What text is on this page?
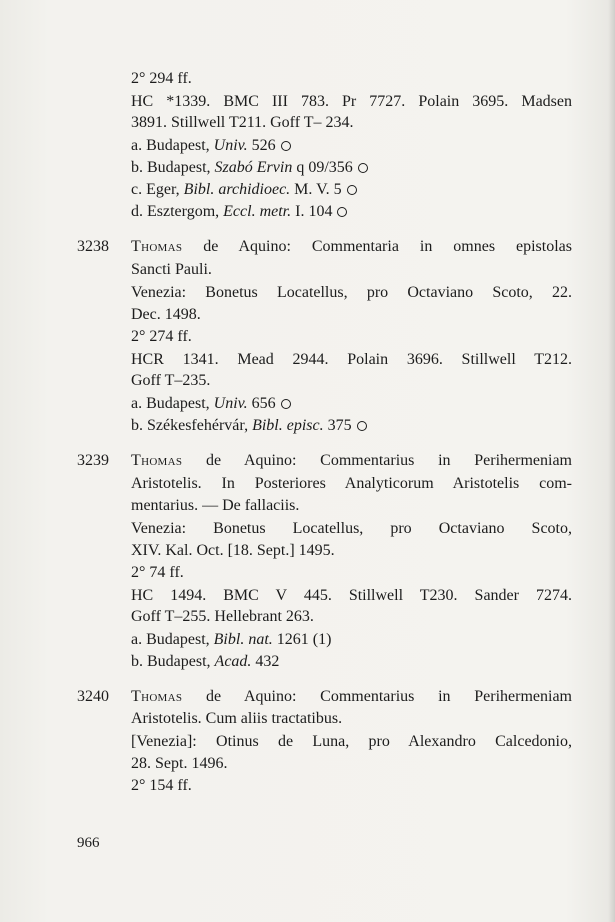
2° 294 ff.
HC *1339. BMC III 783. Pr 7727. Polain 3695. Madsen
3891. Stillwell T211. Goff T– 234.
a. Budapest, Univ. 526
b. Budapest, Szabó Ervin q 09/356
c. Eger, Bibl. archidioec. M. V. 5
d. Esztergom, Eccl. metr. I. 104
3238 Thomas de Aquino: Commentaria in omnes epistolas
Sancti Pauli.
Venezia: Bonetus Locatellus, pro Octaviano Scoto, 22.
Dec. 1498.
2° 274 ff.
HCR 1341. Mead 2944. Polain 3696. Stillwell T212.
Goff T–235.
a. Budapest, Univ. 656
b. Székesfehérvár, Bibl. episc. 375
3239 Thomas de Aquino: Commentarius in Perihermeniam
Aristotelis. In Posteriores Analyticorum Aristotelis com-
mentarius. — De fallaciis.
Venezia: Bonetus Locatellus, pro Octaviano Scoto,
XIV. Kal. Oct. [18. Sept.] 1495.
2° 74 ff.
HC 1494. BMC V 445. Stillwell T230. Sander 7274.
Goff T–255. Hellebrant 263.
a. Budapest, Bibl. nat. 1261 (1)
b. Budapest, Acad. 432
3240 Thomas de Aquino: Commentarius in Perihermeniam
Aristotelis. Cum aliis tractatibus.
[Venezia]: Otinus de Luna, pro Alexandro Calcedonio,
28. Sept. 1496.
2° 154 ff.
966
